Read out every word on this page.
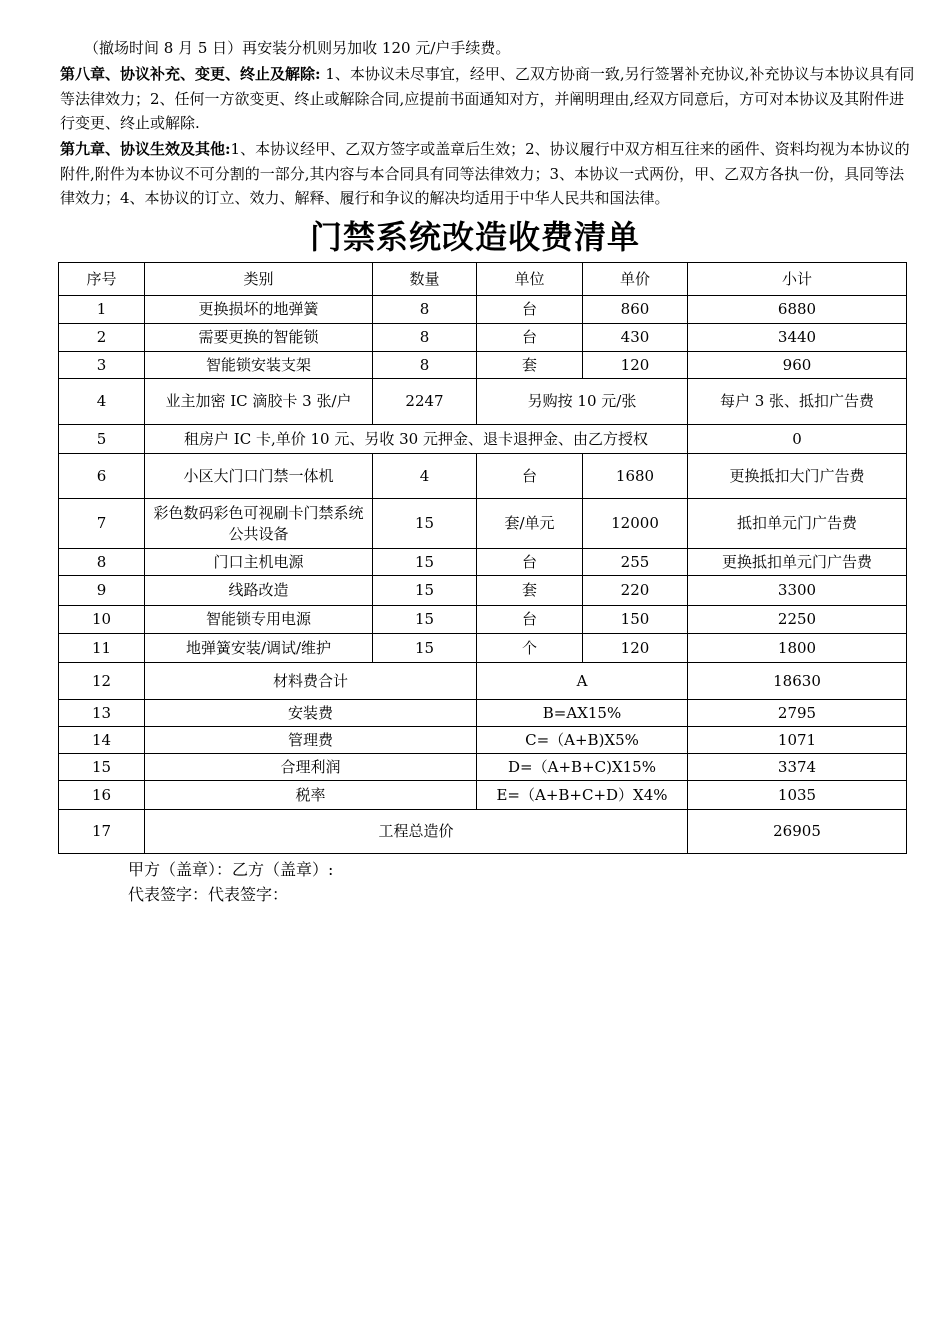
（撤场时间 8 月 5 日）再安装分机则另加收 120 元/户手续费。
第八章、协议补充、变更、终止及解除: 1、本协议未尽事宜，经甲、乙双方协商一致,另行签署补充协议,补充协议与本协议具有同等法律效力；2、任何一方欲变更、终止或解除合同,应提前书面通知对方，并阐明理由,经双方同意后，方可对本协议及其附件进行变更、终止或解除.
第九章、协议生效及其他:1、本协议经甲、乙双方签字或盖章后生效；2、协议履行中双方相互往来的函件、资料均视为本协议的附件,附件为本协议不可分割的一部分,其内容与本合同具有同等法律效力；3、本协议一式两份，甲、乙双方各执一份，具同等法律效力；4、本协议的订立、效力、解释、履行和争议的解决均适用于中华人民共和国法律。
门禁系统改造收费清单
序号	类别	数量	单位	单价	小计
1	更换损坏的地弹簧	8	台	860	6880
2	需要更换的智能锁	8	台	430	3440
3	智能锁安装支架	8	套	120	960
4	业主加密 IC 滴胶卡 3 张/户	2247	另购按 10 元/张		每户 3 张、抵扣广告费
5	租房户 IC 卡,单价 10 元、另收 30 元押金、退卡退押金、由乙方授权				0
6	小区大门口门禁一体机	4	台	1680	更换抵扣大门广告费
7	彩色数码彩色可视刷卡门禁系统公共设备	15	套/单元	12000	抵扣单元门广告费
8	门口主机电源	15	台	255	更换抵扣单元门广告费
9	线路改造	15	套	220	3300
10	智能锁专用电源	15	台	150	2250
11	地弹簧安装/调试/维护	15	个	120	1800
12	材料费合计		A		18630
13	安装费		B=AX15%		2795
14	管理费		C=（A+B)X5%		1071
15	合理利润		D=（A+B+C)X15%		3374
16	税率		E=（A+B+C+D）X4%		1035
17	工程总造价				26905
甲方（盖章）：乙方（盖章）:
代表签字：代表签字：
